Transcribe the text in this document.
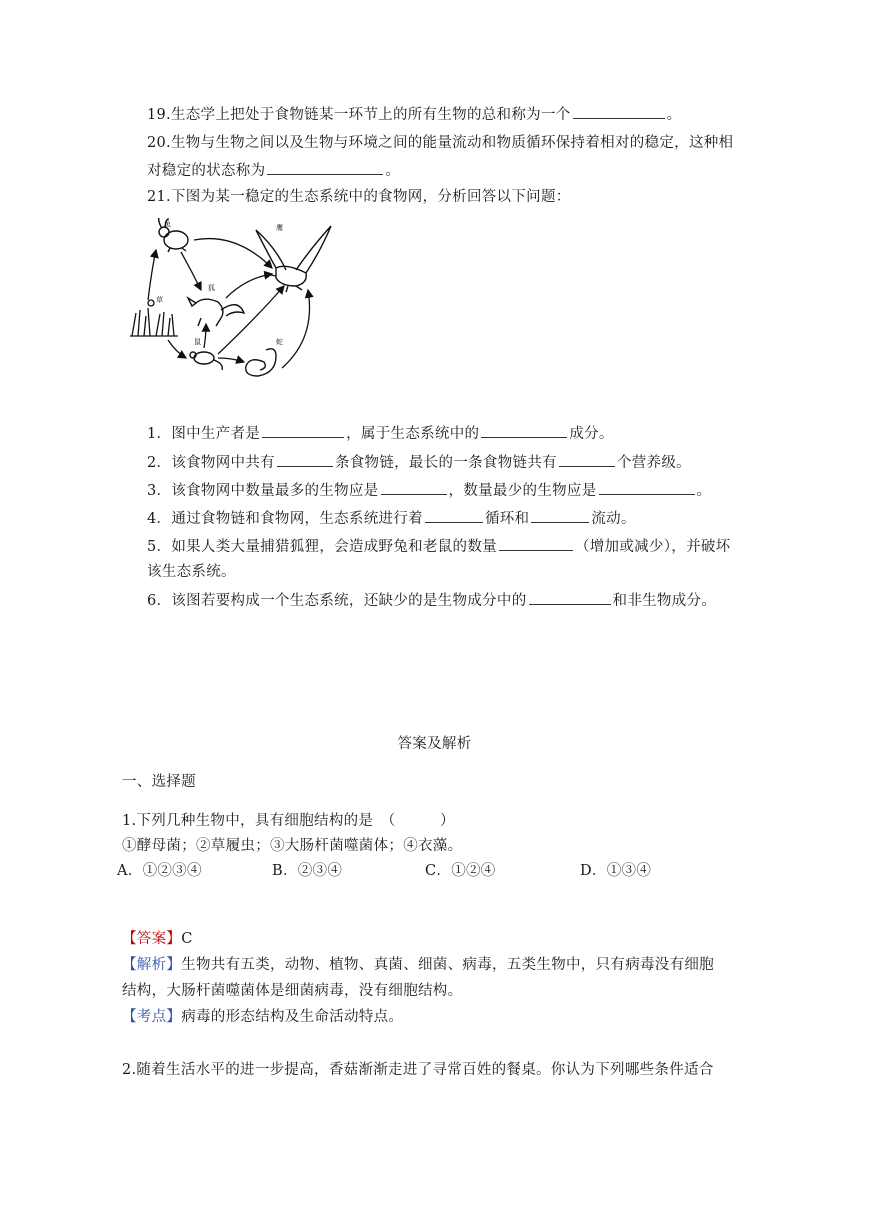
19.生态学上把处于食物链某一环节上的所有生物的总和称为一个	。
20.生物与生物之间以及生物与环境之间的能量流动和物质循环保持着相对的稳定，这种相
对稳定的状态称为	。
21.下图为某一稳定的生态系统中的食物网，分析回答以下问题：
兔	鹰
狐
草
鼠	蛇
1．图中生产者是	，属于生态系统中的	成分。
2．该食物网中共有	条食物链，最长的一条食物链共有	个营养级。
3．该食物网中数量最多的生物应是	，数量最少的生物应是	。
4．通过食物链和食物网，生态系统进行着	循环和	流动。
5．如果人类大量捕猎狐狸，会造成野兔和老鼠的数量	（增加或减少），并破坏
该生态系统。
6．该图若要构成一个生态系统，还缺少的是生物成分中的	和非生物成分。
答案及解析
一、选择题
1.下列几种生物中，具有细胞结构的是　（　　　）
①酵母菌；②草履虫；③大肠杆菌噬菌体；④衣藻。
A．①②③④	B．②③④	C．①②④	D．①③④
【答案】C
【解析】生物共有五类，动物、植物、真菌、细菌、病毒，五类生物中，只有病毒没有细胞
结构，大肠杆菌噬菌体是细菌病毒，没有细胞结构。
【考点】病毒的形态结构及生命活动特点。
2.随着生活水平的进一步提高，香菇渐渐走进了寻常百姓的餐桌。你认为下列哪些条件适合
